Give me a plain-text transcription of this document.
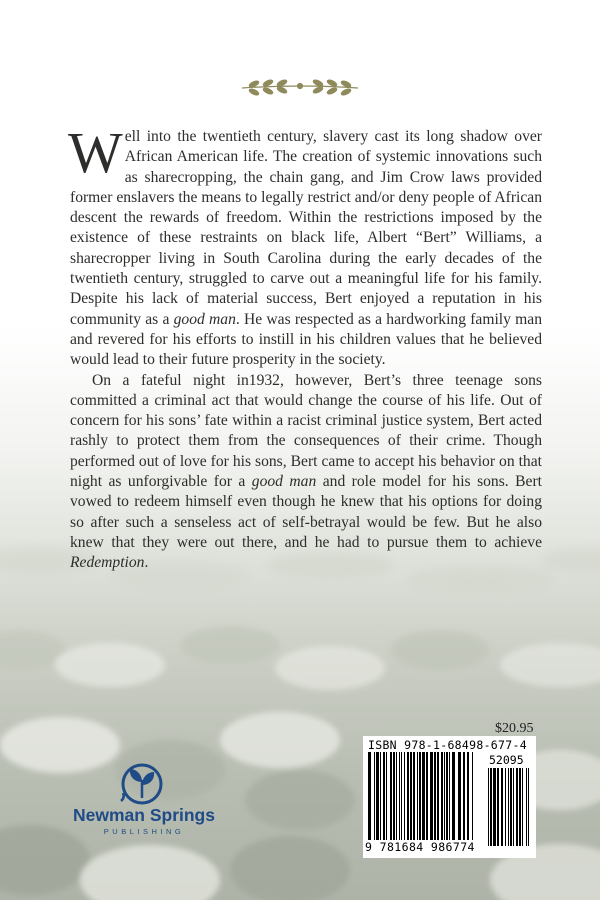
Well into the twentieth century, slavery cast its long shadow over African American life. The creation of systemic innovations such as sharecropping, the chain gang, and Jim Crow laws provided former enslavers the means to legally restrict and/or deny people of African descent the rewards of freedom. Within the restrictions imposed by the existence of these restraints on black life, Albert “Bert” Williams, a sharecropper living in South Carolina during the early decades of the twentieth century, struggled to carve out a meaningful life for his family. Despite his lack of material success, Bert enjoyed a reputation in his community as a good man. He was respected as a hardworking family man and revered for his efforts to instill in his children values that he believed would lead to their future prosperity in the society.

On a fateful night in1932, however, Bert’s three teenage sons committed a criminal act that would change the course of his life. Out of concern for his sons’ fate within a racist criminal justice system, Bert acted rashly to protect them from the consequences of their crime. Though performed out of love for his sons, Bert came to accept his behavior on that night as unforgivable for a good man and role model for his sons. Bert vowed to redeem himself even though he knew that his options for doing so after such a senseless act of self-betrayal would be few. But he also knew that they were out there, and he had to pursue them to achieve Redemption.

$20.95
ISBN 978-1-68498-677-4
52095
9 781684 986774
Newman Springs
PUBLISHING
